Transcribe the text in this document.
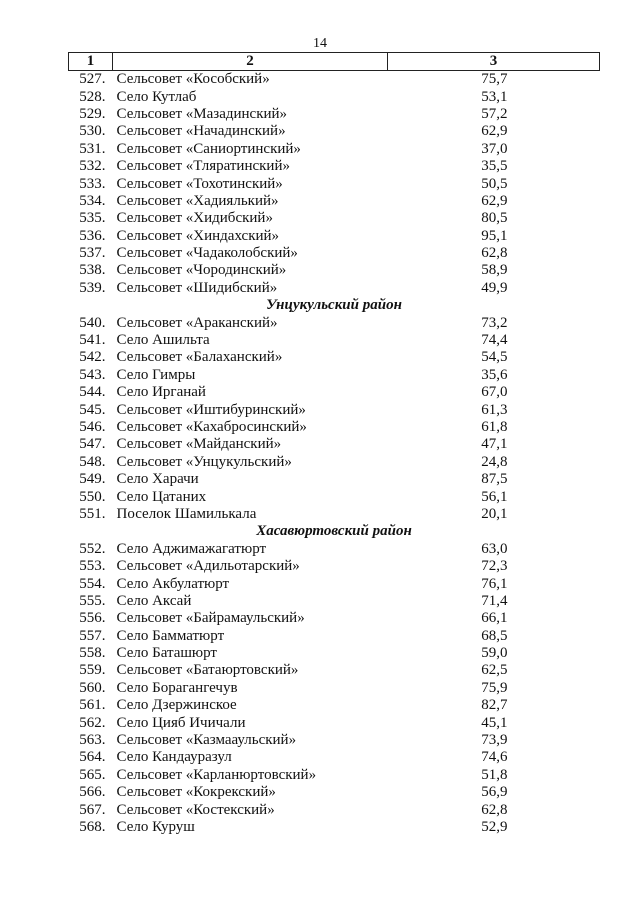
14
1	2	3
527.	Сельсовет «Кособский»	75,7
528.	Село Кутлаб	53,1
529.	Сельсовет «Мазадинский»	57,2
530.	Сельсовет «Начадинский»	62,9
531.	Сельсовет «Саниортинский»	37,0
532.	Сельсовет «Тляратинский»	35,5
533.	Сельсовет «Тохотинский»	50,5
534.	Сельсовет «Хадиялький»	62,9
535.	Сельсовет «Хидибский»	80,5
536.	Сельсовет «Хиндахский»	95,1
537.	Сельсовет «Чадаколобский»	62,8
538.	Сельсовет «Чородинский»	58,9
539.	Сельсовет «Шидибский»	49,9
Унцукульский район		
540.	Сельсовет «Араканский»	73,2
541.	Село Ашильта	74,4
542.	Сельсовет «Балаханский»	54,5
543.	Село Гимры	35,6
544.	Село Ирганай	67,0
545.	Сельсовет «Иштибуринский»	61,3
546.	Сельсовет «Кахабросинский»	61,8
547.	Сельсовет «Майданский»	47,1
548.	Сельсовет «Унцукульский»	24,8
549.	Село Харачи	87,5
550.	Село Цатаних	56,1
551.	Поселок Шамилькала	20,1
Хасавюртовский район		
552.	Село Аджимажагатюрт	63,0
553.	Сельсовет «Адильотарский»	72,3
554.	Село Акбулатюрт	76,1
555.	Село Аксай	71,4
556.	Сельсовет «Байрамаульский»	66,1
557.	Село Бамматюрт	68,5
558.	Село Баташюрт	59,0
559.	Сельсовет «Батаюртовский»	62,5
560.	Село Борагангечув	75,9
561.	Село Дзержинское	82,7
562.	Село Цияб Ичичали	45,1
563.	Сельсовет «Казмааульский»	73,9
564.	Село Кандауразул	74,6
565.	Сельсовет «Карланюртовский»	51,8
566.	Сельсовет «Кокрекский»	56,9
567.	Сельсовет «Костекский»	62,8
568.	Село Куруш	52,9
